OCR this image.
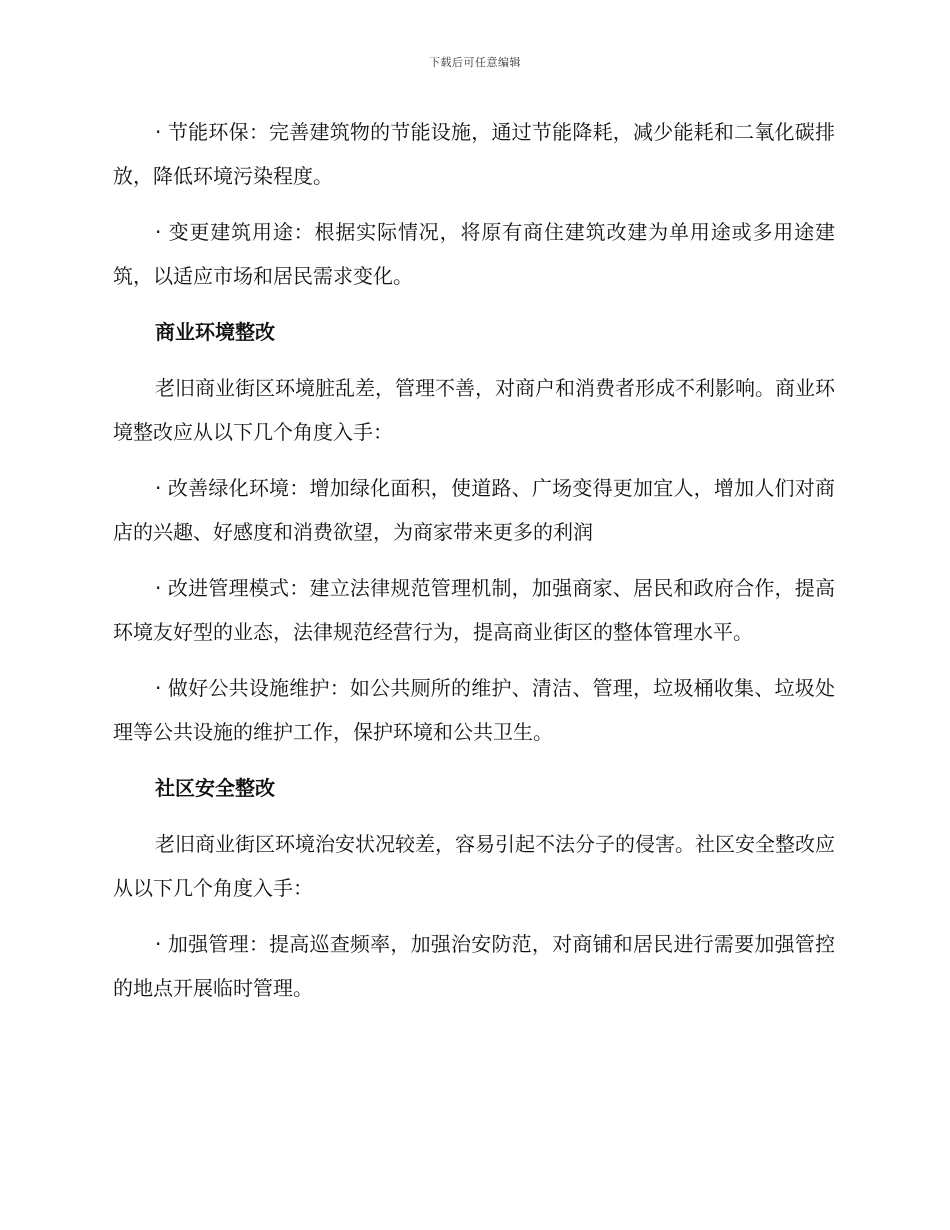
下载后可任意编辑

· 节能环保：完善建筑物的节能设施，通过节能降耗，减少能耗和二氧化碳排放，降低环境污染程度。

· 变更建筑用途：根据实际情况，将原有商住建筑改建为单用途或多用途建筑，以适应市场和居民需求变化。

商业环境整改

老旧商业街区环境脏乱差，管理不善，对商户和消费者形成不利影响。商业环境整改应从以下几个角度入手：

· 改善绿化环境：增加绿化面积，使道路、广场变得更加宜人，增加人们对商店的兴趣、好感度和消费欲望，为商家带来更多的利润

· 改进管理模式：建立法律规范管理机制，加强商家、居民和政府合作，提高环境友好型的业态，法律规范经营行为，提高商业街区的整体管理水平。

· 做好公共设施维护：如公共厕所的维护、清洁、管理，垃圾桶收集、垃圾处理等公共设施的维护工作，保护环境和公共卫生。

社区安全整改

老旧商业街区环境治安状况较差，容易引起不法分子的侵害。社区安全整改应从以下几个角度入手：

· 加强管理：提高巡查频率，加强治安防范，对商铺和居民进行需要加强管控的地点开展临时管理。
